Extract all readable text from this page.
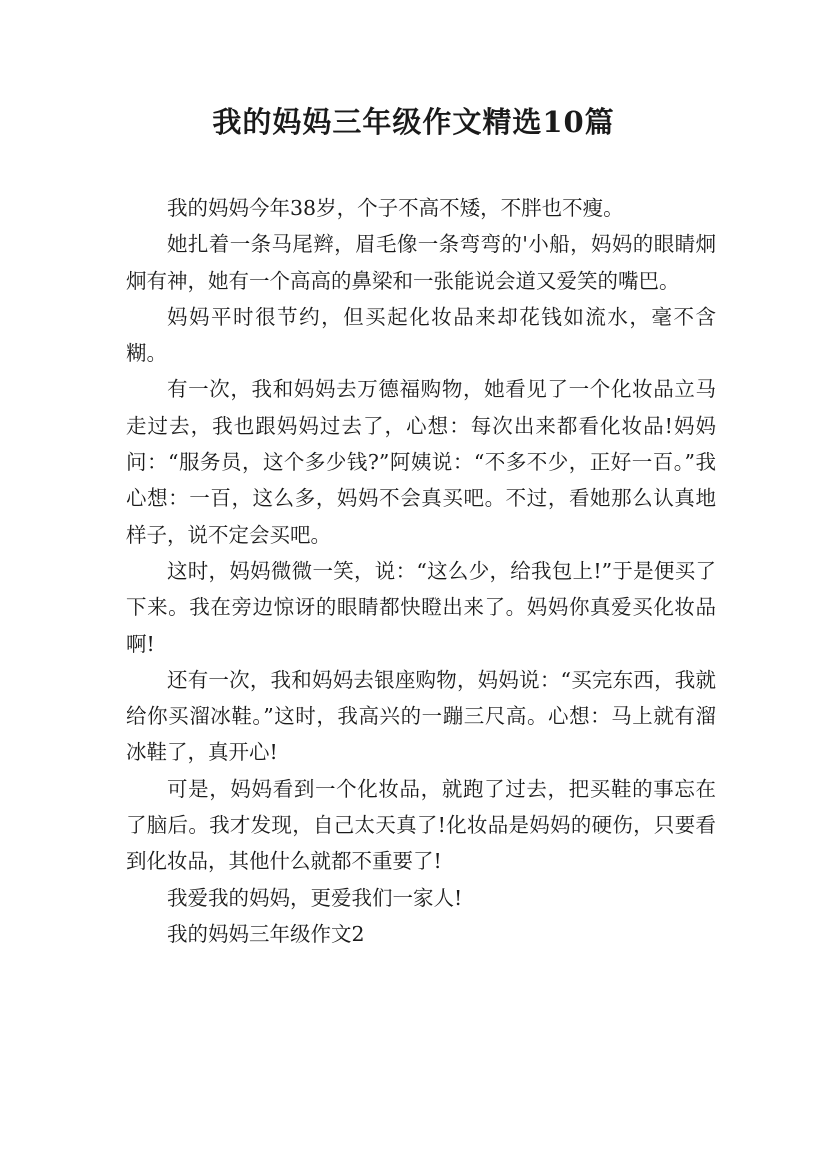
我的妈妈三年级作文精选10篇

我的妈妈今年38岁，个子不高不矮，不胖也不瘦。

她扎着一条马尾辫，眉毛像一条弯弯的'小船，妈妈的眼睛炯炯有神，她有一个高高的鼻梁和一张能说会道又爱笑的嘴巴。

妈妈平时很节约，但买起化妆品来却花钱如流水，毫不含糊。

有一次，我和妈妈去万德福购物，她看见了一个化妆品立马走过去，我也跟妈妈过去了，心想：每次出来都看化妆品!妈妈问：“服务员，这个多少钱?”阿姨说：“不多不少，正好一百。”我心想：一百，这么多，妈妈不会真买吧。不过，看她那么认真地样子，说不定会买吧。

这时，妈妈微微一笑，说：“这么少，给我包上!”于是便买了下来。我在旁边惊讶的眼睛都快瞪出来了。妈妈你真爱买化妆品啊!

还有一次，我和妈妈去银座购物，妈妈说：“买完东西，我就给你买溜冰鞋。”这时，我高兴的一蹦三尺高。心想：马上就有溜冰鞋了，真开心!

可是，妈妈看到一个化妆品，就跑了过去，把买鞋的事忘在了脑后。我才发现，自己太天真了!化妆品是妈妈的硬伤，只要看到化妆品，其他什么就都不重要了!

我爱我的妈妈，更爱我们一家人!

我的妈妈三年级作文2
